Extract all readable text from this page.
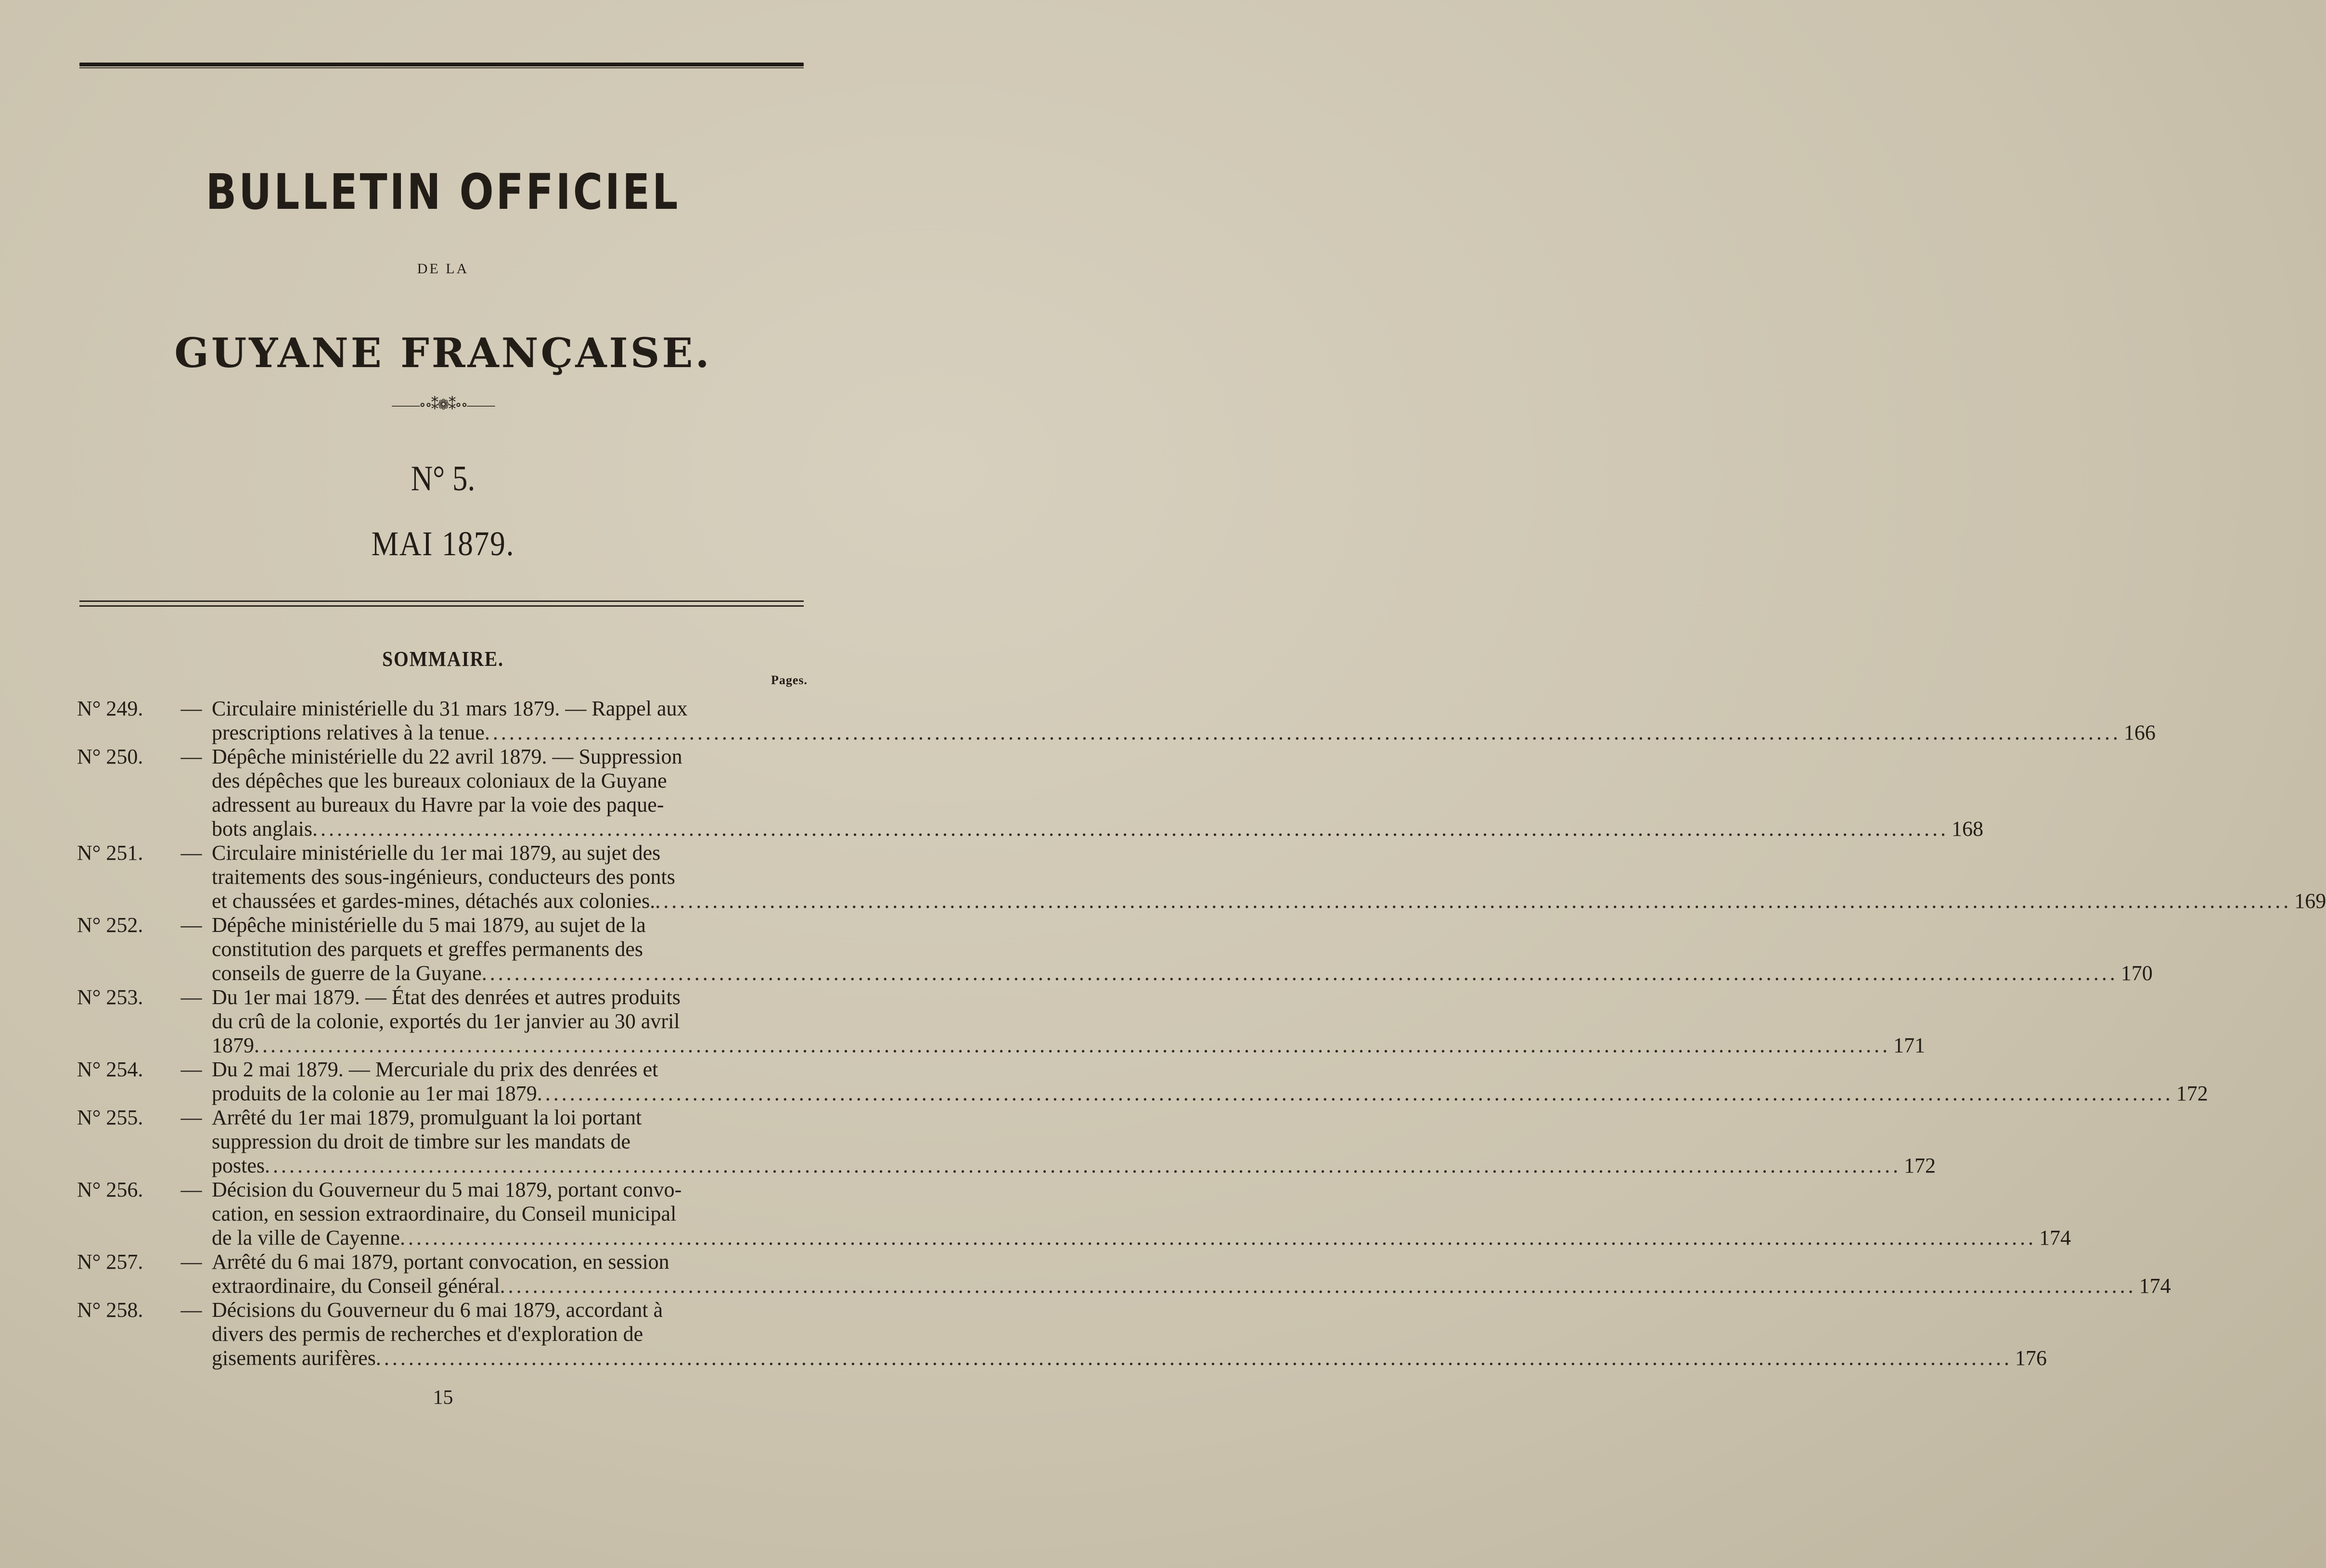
BULLETIN OFFICIEL
DE LA
GUYANE FRANÇAISE.
——∘∘⁑❁⁑∘∘——
N° 5.
MAI 1879.
SOMMAIRE.
Pages.
N° 249.	— Circulaire ministérielle du 31 mars 1879. — Rappel aux
prescriptions relatives à la tenue ........................................................................................................................................................................................................ 166
N° 250.	— Dépêche ministérielle du 22 avril 1879. — Suppression
des dépêches que les bureaux coloniaux de la Guyane
adressent au bureaux du Havre par la voie des paque-
bots anglais ........................................................................................................................................................................................................ 168
N° 251.	— Circulaire ministérielle du 1er mai 1879, au sujet des
traitements des sous-ingénieurs, conducteurs des ponts
et chaussées et gardes-mines, détachés aux colonies. ........................................................................................................................................................................................................ 169
N° 252.	— Dépêche ministérielle du 5 mai 1879, au sujet de la
constitution des parquets et greffes permanents des
conseils de guerre de la Guyane ........................................................................................................................................................................................................ 170
N° 253.	— Du 1er mai 1879. — État des denrées et autres produits
du crû de la colonie, exportés du 1er janvier au 30 avril
1879 ........................................................................................................................................................................................................ 171
N° 254.	— Du 2 mai 1879. — Mercuriale du prix des denrées et
produits de la colonie au 1er mai 1879 ........................................................................................................................................................................................................ 172
N° 255.	— Arrêté du 1er mai 1879, promulguant la loi portant
suppression du droit de timbre sur les mandats de
postes ........................................................................................................................................................................................................ 172
N° 256.	— Décision du Gouverneur du 5 mai 1879, portant convo-
cation, en session extraordinaire, du Conseil municipal
de la ville de Cayenne ........................................................................................................................................................................................................ 174
N° 257.	— Arrêté du 6 mai 1879, portant convocation, en session
extraordinaire, du Conseil général ........................................................................................................................................................................................................ 174
N° 258.	— Décisions du Gouverneur du 6 mai 1879, accordant à
divers des permis de recherches et d'exploration de
gisements aurifères ........................................................................................................................................................................................................ 176
15
